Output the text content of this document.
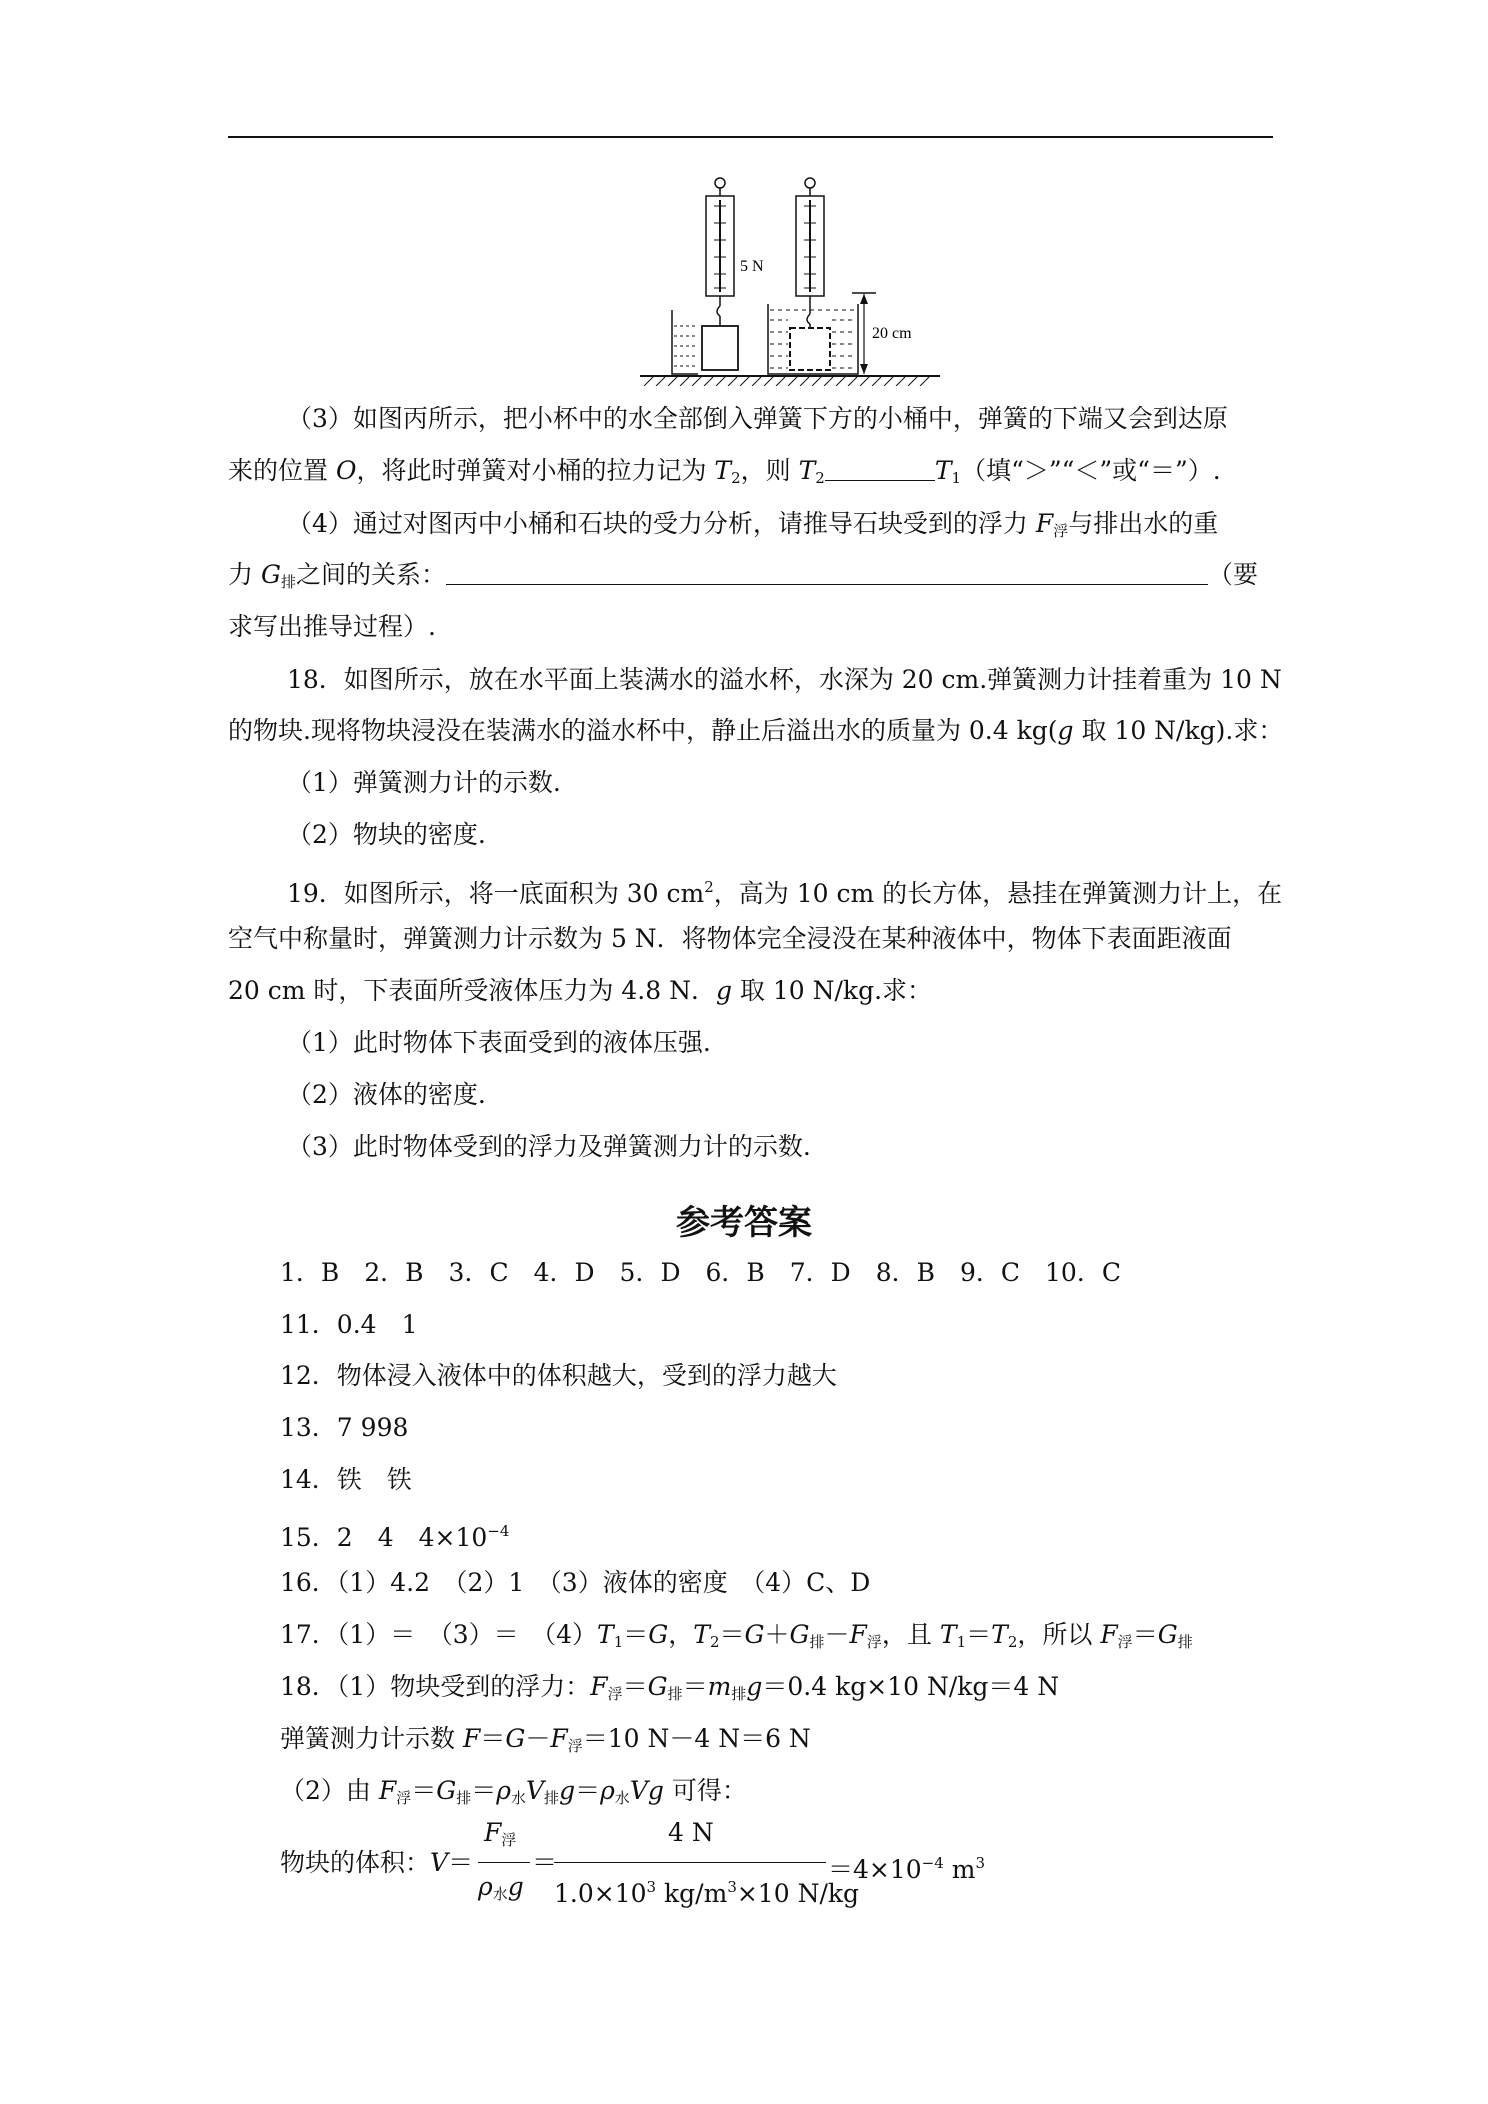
5 N
20 cm
（3）如图丙所示，把小杯中的水全部倒入弹簧下方的小桶中，弹簧的下端又会到达原
来的位置 O，将此时弹簧对小桶的拉力记为 $T_2$，则 $T_2$	$T_1$（填“＞”“＜”或“＝”）.
（4）通过对图丙中小桶和石块的受力分析，请推导石块受到的浮力 $F_浮$与排出水的重
力 $G_排$之间的关系：	（要
求写出推导过程）.
18．如图所示，放在水平面上装满水的溢水杯，水深为 20 cm.弹簧测力计挂着重为 10 N
的物块.现将物块浸没在装满水的溢水杯中，静止后溢出水的质量为 0.4 kg(g 取 10 N/kg).求：
（1）弹簧测力计的示数.
（2）物块的密度.
19．如图所示，将一底面积为 30 $cm^2$，高为 10 cm 的长方体，悬挂在弹簧测力计上，在
空气中称量时，弹簧测力计示数为 5 N．将物体完全浸没在某种液体中，物体下表面距液面
20 cm 时，下表面所受液体压力为 4.8 N．g 取 10 N/kg.求：
（1）此时物体下表面受到的液体压强.
（2）液体的密度.
（3）此时物体受到的浮力及弹簧测力计的示数.
参考答案
1．B　2．B　3．C　4．D　5．D　6．B　7．D　8．B　9．C　10．C
11．0.4　1
12．物体浸入液体中的体积越大，受到的浮力越大
13．7 998
14．铁　铁
15．2　4　$4\times 10^{-4}$
16．（1）4.2　（2）1　（3）液体的密度　（4）C、D
17．（1）＝　（3）＝　$(4)T_1=G$，$T_2=G+G_排-F_浮$，且 $T_1=T_2$，所以 $F_浮=G_排$
18．（1）物块受到的浮力：$F_浮=G_排=m_排g=0.4$ kg×10 N/kg＝4 N
弹簧测力计示数 $F=G-F_浮=10$ N－4 N＝6 N
（2）由 $F_浮=G_排=\rho_水V_排g=\rho_水Vg$ 可得：
物块的体积：V＝
$F_浮$
$\rho_水g$
＝
4 N
$1.0\times 10^3$ $kg/m^3\times 10$ N/kg
$=4\times 10^{-4}$ $m^3$
